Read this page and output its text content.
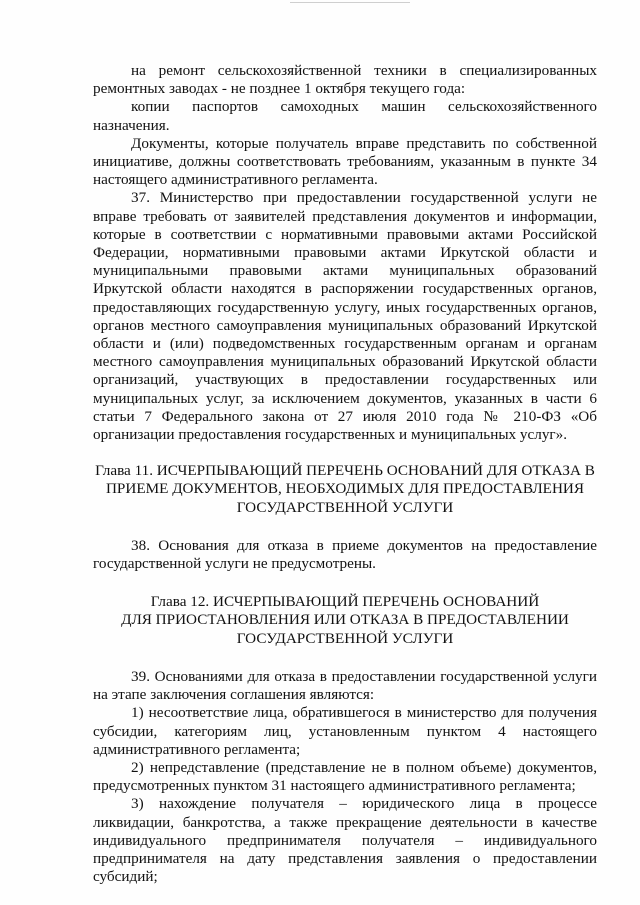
на ремонт сельскохозяйственной техники в специализированных ремонтных заводах - не позднее 1 октября текущего года:

копии паспортов самоходных машин сельскохозяйственного назначения.

Документы, которые получатель вправе представить по собственной инициативе, должны соответствовать требованиям, указанным в пункте 34 настоящего административного регламента.

37. Министерство при предоставлении государственной услуги не вправе требовать от заявителей представления документов и информации, которые в соответствии с нормативными правовыми актами Российской Федерации, нормативными правовыми актами Иркутской области и муниципальными правовыми актами муниципальных образований Иркутской области находятся в распоряжении государственных органов, предоставляющих государственную услугу, иных государственных органов, органов местного самоуправления муниципальных образований Иркутской области и (или) подведомственных государственным органам и органам местного самоуправления муниципальных образований Иркутской области организаций, участвующих в предоставлении государственных или муниципальных услуг, за исключением документов, указанных в части 6 статьи 7 Федерального закона от 27 июля 2010 года № 210-ФЗ «Об организации предоставления государственных и муниципальных услуг».

Глава 11. ИСЧЕРПЫВАЮЩИЙ ПЕРЕЧЕНЬ ОСНОВАНИЙ ДЛЯ ОТКАЗА В

ПРИЕМЕ ДОКУМЕНТОВ, НЕОБХОДИМЫХ ДЛЯ ПРЕДОСТАВЛЕНИЯ

ГОСУДАРСТВЕННОЙ УСЛУГИ

38. Основания для отказа в приеме документов на предоставление государственной услуги не предусмотрены.

Глава 12. ИСЧЕРПЫВАЮЩИЙ ПЕРЕЧЕНЬ ОСНОВАНИЙ

ДЛЯ ПРИОСТАНОВЛЕНИЯ ИЛИ ОТКАЗА В ПРЕДОСТАВЛЕНИИ

ГОСУДАРСТВЕННОЙ УСЛУГИ

39. Основаниями для отказа в предоставлении государственной услуги на этапе заключения соглашения являются:

1) несоответствие лица, обратившегося в министерство для получения субсидии, категориям лиц, установленным пунктом 4 настоящего административного регламента;

2) непредставление (представление не в полном объеме) документов, предусмотренных пунктом 31 настоящего административного регламента;

3) нахождение получателя – юридического лица в процессе ликвидации, банкротства, а также прекращение деятельности в качестве индивидуального предпринимателя получателя – индивидуального предпринимателя на дату представления заявления о предоставлении субсидий;
